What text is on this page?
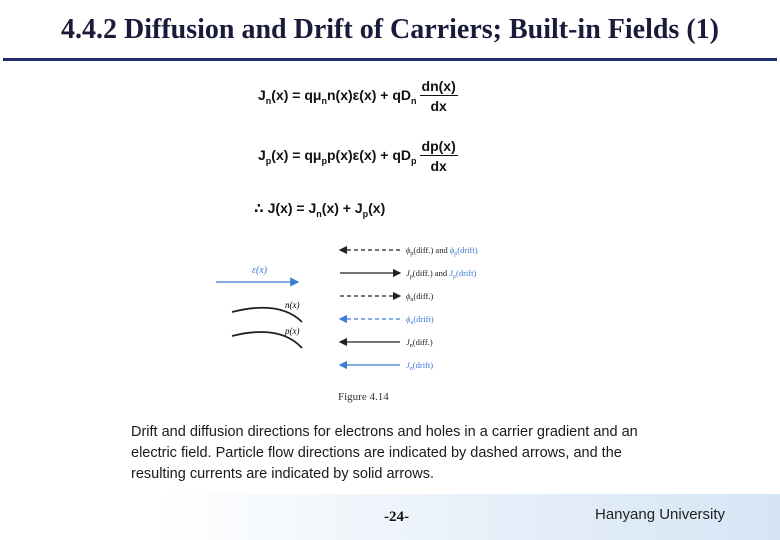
4.4.2 Diffusion and Drift of Carriers; Built-in Fields (1)
$J_n(x) = q\mu_nn(x)\varepsilon(x) + qD_n \frac{dn(x)}{dx}$
$J_p(x) = q\mu_pp(x)\varepsilon(x) + qD_p \frac{dp(x)}{dx}$
∴ $J(x) = J_n(x) + J_p(x)$
ε(x)
n(x)
p(x)
$\phi_p(diff.)$ and $\phi_p(drift)$
$J_p(diff.)$ and $J_p(drift)$
$\phi_n(diff.)$
$\phi_n(drift)$
$J_n(diff.)$
$J_n(drift)$
Figure 4.14
Drift and diffusion directions for electrons and holes in a carrier gradient and an electric field. Particle flow directions are indicated by dashed arrows, and the resulting currents are indicated by solid arrows.
-24-	Hanyang University
